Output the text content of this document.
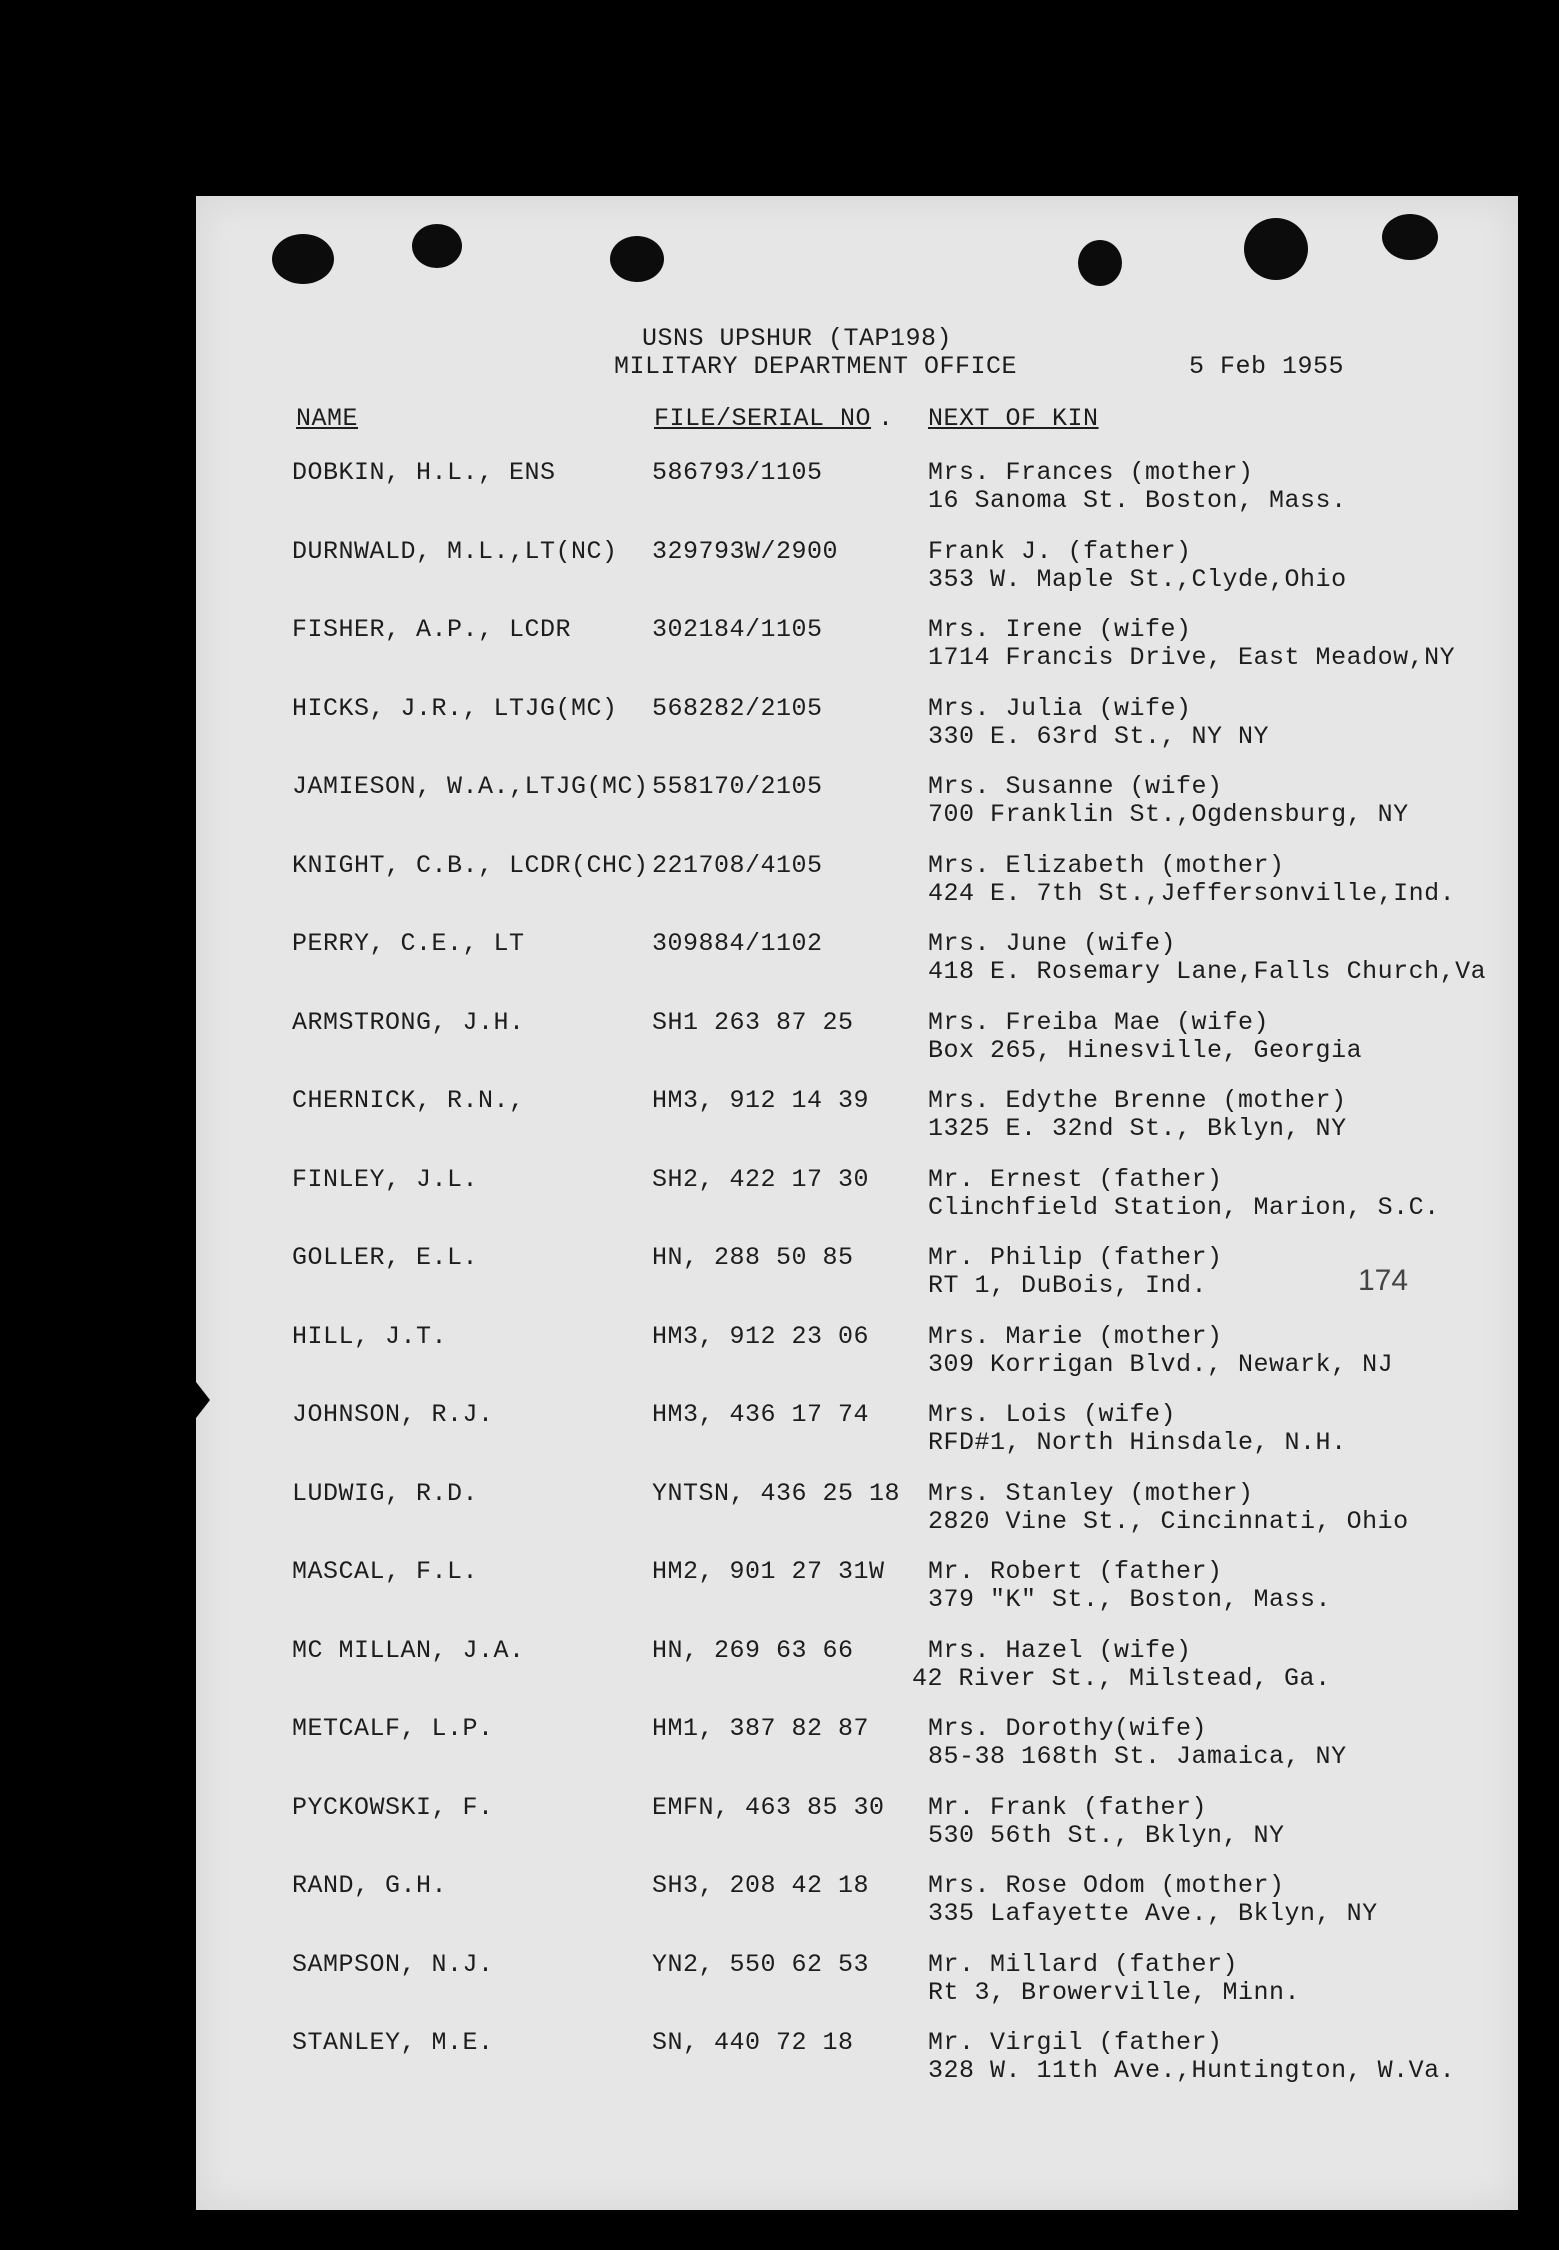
USNS UPSHUR (TAP198)
MILITARY DEPARTMENT OFFICE	5 Feb 1955
NAME	FILE/SERIAL NO . NEXT OF KIN
DOBKIN, H.L., ENS	586793/1105	Mrs. Frances (mother)
16 Sanoma St. Boston, Mass.
DURNWALD, M.L.,LT(NC) 329793W/2900	Frank J. (father)
353 W. Maple St.,Clyde,Ohio
FISHER, A.P., LCDR	302184/1105	Mrs. Irene (wife)
1714 Francis Drive, East Meadow,NY
HICKS, J.R., LTJG(MC) 568282/2105	Mrs. Julia (wife)
330 E. 63rd St., NY NY
JAMIESON, W.A.,LTJG(MC) 558170/2105	Mrs. Susanne (wife)
700 Franklin St.,Ogdensburg, NY
KNIGHT, C.B., LCDR(CHC) 221708/4105	Mrs. Elizabeth (mother)
424 E. 7th St.,Jeffersonville,Ind.
PERRY, C.E., LT	309884/1102	Mrs. June (wife)
418 E. Rosemary Lane,Falls Church,Va
ARMSTRONG, J.H.	SH1 263 87 25	Mrs. Freiba Mae (wife)
Box 265, Hinesville, Georgia
CHERNICK, R.N.,	HM3, 912 14 39 Mrs. Edythe Brenne (mother)
1325 E. 32nd St., Bklyn, NY
FINLEY, J.L.	SH2, 422 17 30 Mr. Ernest (father)
Clinchfield Station, Marion, S.C.
GOLLER, E.L.	HN, 288 50 85	Mr. Philip (father)
RT 1, DuBois, Ind.
HILL, J.T.	HM3, 912 23 06 Mrs. Marie (mother)
309 Korrigan Blvd., Newark, NJ
JOHNSON, R.J.	HM3, 436 17 74 Mrs. Lois (wife)
RFD#1, North Hinsdale, N.H.
LUDWIG, R.D.	YNTSN, 436 25 18 Mrs. Stanley (mother)
2820 Vine St., Cincinnati, Ohio
MASCAL, F.L.	HM2, 901 27 31W Mr. Robert (father)
379 "K" St., Boston, Mass.
MC MILLAN, J.A.	HN, 269 63 66	Mrs. Hazel (wife)
42 River St., Milstead, Ga.
METCALF, L.P.	HM1, 387 82 87 Mrs. Dorothy(wife)
85-38 168th St. Jamaica, NY
PYCKOWSKI, F.	EMFN, 463 85 30 Mr. Frank (father)
530 56th St., Bklyn, NY
RAND, G.H.	SH3, 208 42 18 Mrs. Rose Odom (mother)
335 Lafayette Ave., Bklyn, NY
SAMPSON, N.J.	YN2, 550 62 53 Mr. Millard (father)
Rt 3, Browerville, Minn.
STANLEY, M.E.	SN, 440 72 18	Mr. Virgil (father)
328 W. 11th Ave.,Huntington, W.Va.
174
